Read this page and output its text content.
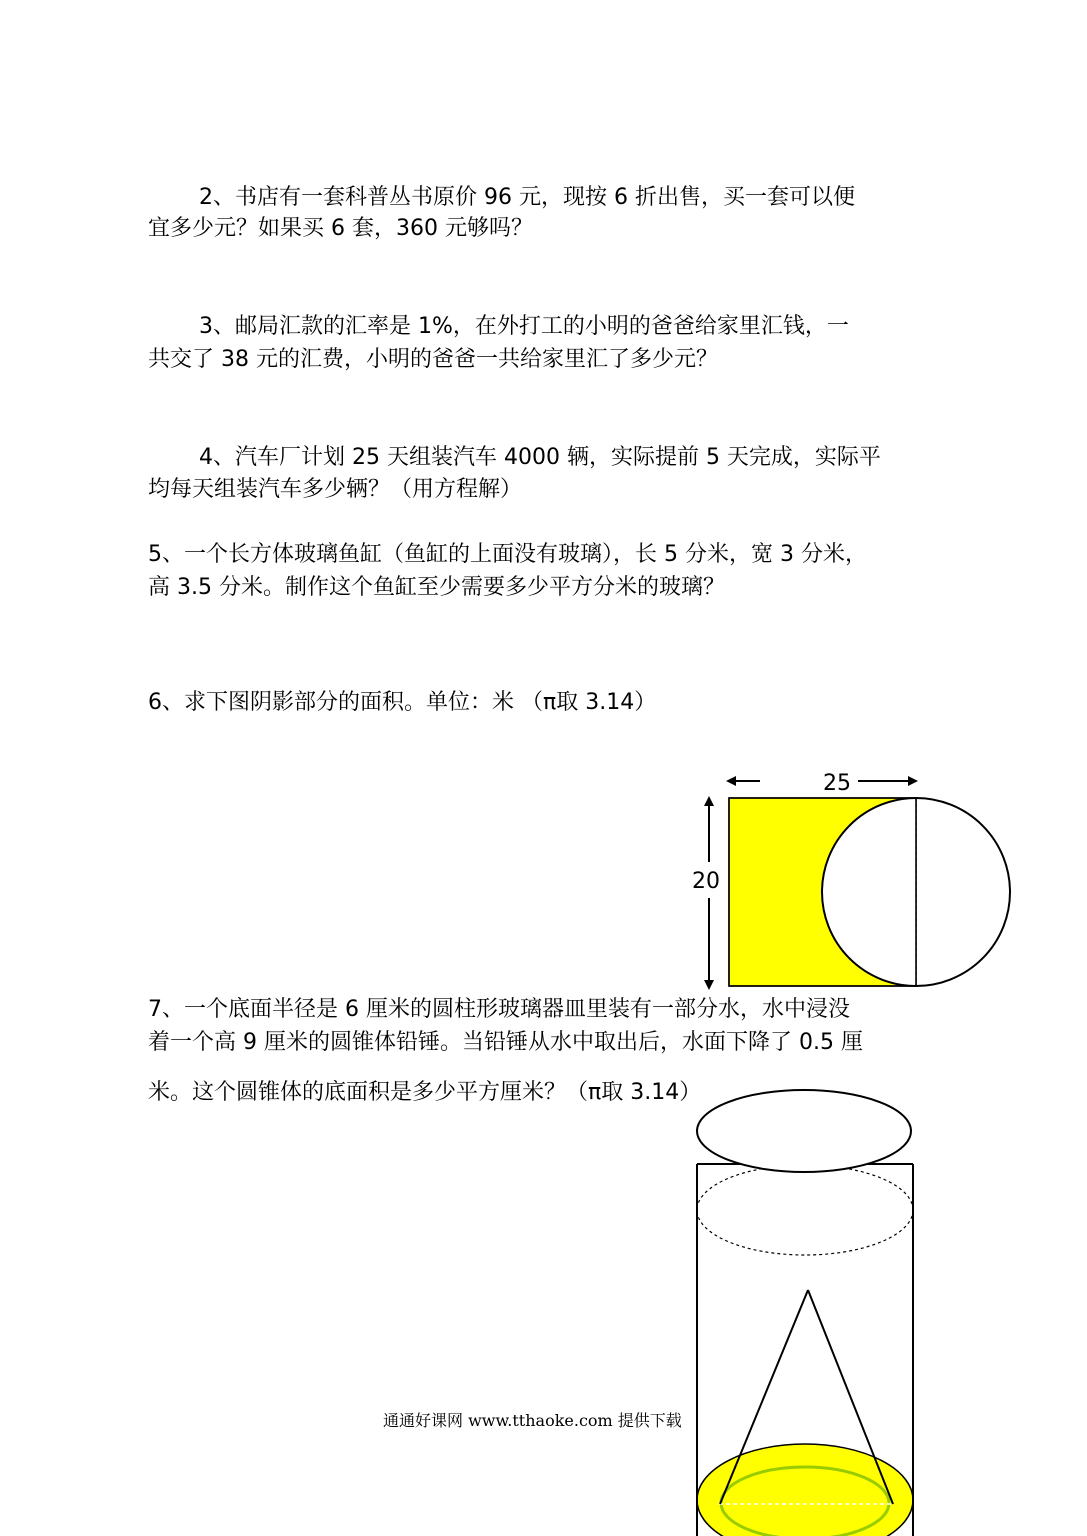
2、书店有一套科普丛书原价 96 元，现按 6 折出售，买一套可以便

宜多少元？如果买 6 套，360 元够吗？

3、邮局汇款的汇率是 1%，在外打工的小明的爸爸给家里汇钱，一

共交了 38 元的汇费，小明的爸爸一共给家里汇了多少元？

4、汽车厂计划 25 天组装汽车 4000 辆，实际提前 5 天完成，实际平

均每天组装汽车多少辆？（用方程解）

5、一个长方体玻璃鱼缸（鱼缸的上面没有玻璃），长 5 分米，宽 3 分米，

高 3.5 分米。制作这个鱼缸至少需要多少平方分米的玻璃？

6、求下图阴影部分的面积。单位：米 （π取 3.14）

25
20

7、一个底面半径是 6 厘米的圆柱形玻璃器皿里装有一部分水，水中浸没

着一个高 9 厘米的圆锥体铅锤。当铅锤从水中取出后，水面下降了 0.5 厘

米。这个圆锥体的底面积是多少平方厘米？（π取 3.14）

通通好课网 www.tthaoke.com 提供下载
